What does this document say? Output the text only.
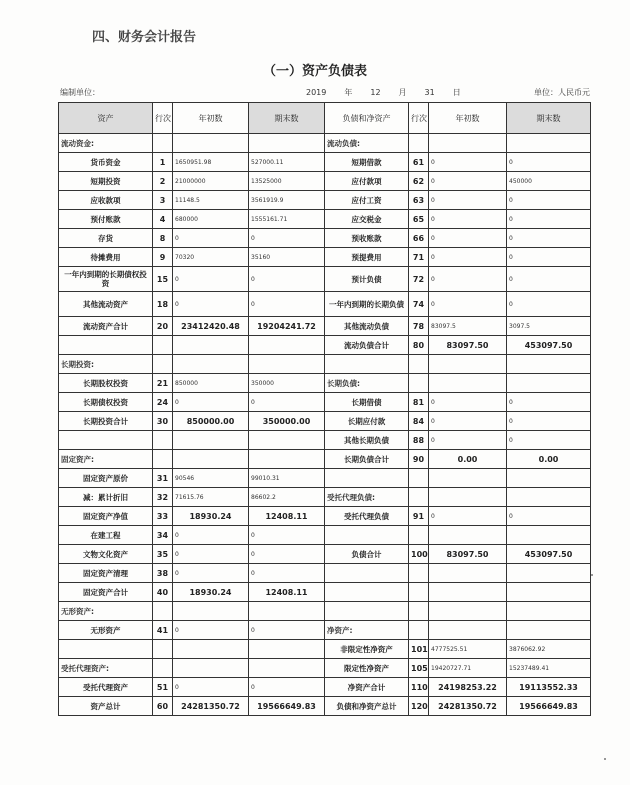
四、财务会计报告
（一）资产负债表
编制单位：	2019 年 12 月 31 日	单位：人民币元
资产	行次	年初数	期末数	负债和净资产	行次	年初数	期末数
流动资金:				流动负债:			
货币资金	1	1650951.98	527000.11	短期借款	61	0	0
短期投资	2	21000000	13525000	应付款项	62	0	450000
应收款项	3	11148.5	3561919.9	应付工资	63	0	0
预付账款	4	680000	1555161.71	应交税金	65	0	0
存货	8	0	0	预收账款	66	0	0
待摊费用	9	70320	35160	预提费用	71	0	0
一年内到期的长期债权投资	15	0	0	预计负债	72	0	0
其他流动资产	18	0	0	一年内到期的长期负债	74	0	0
流动资产合计	20	23412420.48	19204241.72	其他流动负债	78	83097.5	3097.5
				流动负债合计	80	83097.50	453097.50
长期投资:							
长期股权投资	21	850000	350000	长期负债:			
长期债权投资	24	0	0	长期借债	81	0	0
长期投资合计	30	850000.00	350000.00	长期应付款	84	0	0
				其他长期负债	88	0	0
固定资产:				长期负债合计	90	0.00	0.00
固定资产原价	31	90546	99010.31				
减：累计折旧	32	71615.76	86602.2	受托代理负债:			
固定资产净值	33	18930.24	12408.11	受托代理负债	91	0	0
在建工程	34	0	0				
文物文化资产	35	0	0	负债合计	100	83097.50	453097.50
固定资产清理	38	0	0				
固定资产合计	40	18930.24	12408.11				
无形资产:							
无形资产	41	0	0	净资产:			
				非限定性净资产	101	4777525.51	3876062.92
受托代理资产:				限定性净资产	105	19420727.71	15237489.41
受托代理资产	51	0	0	净资产合计	110	24198253.22	19113552.33
资产总计	60	24281350.72	19566649.83	负债和净资产总计	120	24281350.72	19566649.83
